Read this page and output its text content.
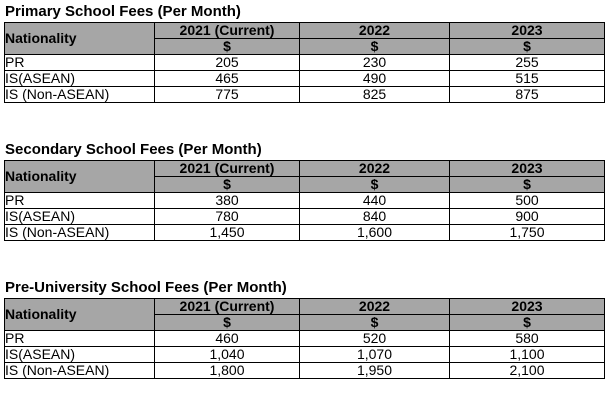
Primary School Fees (Per Month)
Nationality	2021 (Current)	2022	2023
	$	$	$
PR	205	230	255
IS(ASEAN)	465	490	515
IS (Non-ASEAN)	775	825	875
Secondary School Fees (Per Month)
Nationality	2021 (Current)	2022	2023
	$	$	$
PR	380	440	500
IS(ASEAN)	780	840	900
IS (Non-ASEAN)	1,450	1,600	1,750
Pre-University School Fees (Per Month)
Nationality	2021 (Current)	2022	2023
	$	$	$
PR	460	520	580
IS(ASEAN)	1,040	1,070	1,100
IS (Non-ASEAN)	1,800	1,950	2,100
